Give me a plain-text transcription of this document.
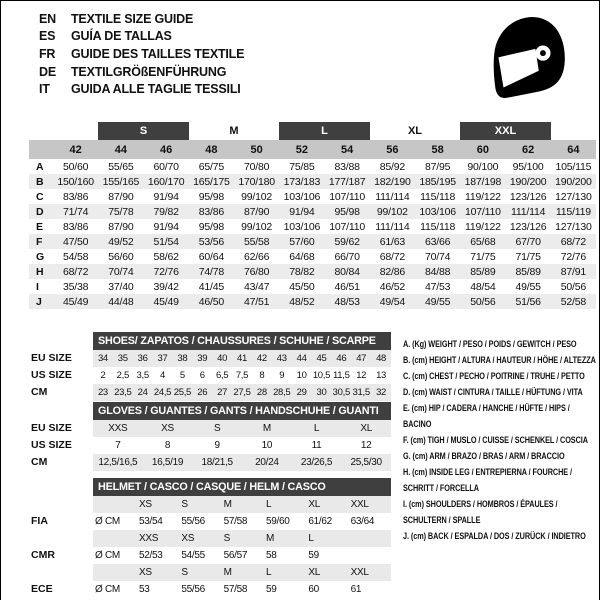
EN	TEXTILE SIZE GUIDE
ES	GUÍA DE TALLAS
FR	GUIDE DES TAILLES TEXTILE
DE	TEXTILGRÖßENFÜHRUNG
IT	GUIDA ALLE TAGLIE TESSILI
S	M	L	XL	XXL
42	44	46	48	50	52	54	56	58	60	62	64
A	50/60	55/65	60/70	65/75	70/80	75/85	83/88	85/92	87/95	90/100	95/100	105/115
B	150/160 155/165 160/170 165/175 170/180 173/183 177/187 182/190 185/195 187/198 190/200 190/200
C	83/86	87/90	91/94	95/98	99/102	103/106 107/110 111/114	115/118 119/122 123/126 127/130
D	71/74	75/78	79/82	83/86	87/90	91/94	95/98	99/102	103/106 107/110 111/114	115/119
E	83/86	87/90	91/94	95/98	99/102	103/106 107/110 111/114	115/118 119/122 123/126 127/130
F	47/50	49/52	51/54	53/56	55/58	57/60	59/62	61/63	63/66	65/68	67/70	68/72
G	54/58	56/60	58/62	60/64	62/66	64/68	66/70	68/72	70/74	71/75	71/75	72/76
H	68/72	70/74	72/76	74/78	76/80	78/82	80/84	82/86	84/88	85/89	85/89	87/91
I	35/38	37/40	39/42	41/45	43/47	45/50	46/51	46/52	47/53	48/54	49/55	50/56
J	45/49	44/48	45/49	46/50	47/51	48/52	48/53	49/54	49/55	50/56	51/56	52/58
SHOES/ ZAPATOS / CHAUSSURES / SCHUHE / SCARPE
EU SIZE	34	35	36	37	38	39	40	41	42	43	44	45	46	47	48
US SIZE	2	2,5 3,5	4	5	6	6,5 7,5	8	9	10 10,5 11,5 12	13
CM	23 23,5 24 24,5 25,5 26	27 27,5 28 28,5 29	30 30,5 31,5 32
GLOVES / GUANTES / GANTS / HANDSCHUHE / GUANTI
EU SIZE	XXS	XS	S	M	L	XL
US SIZE	7	8	9	10	11	12
CM	12,5/16,5	16,5/19	18/21,5	20/24	23/26,5	25,5/30
HELMET / CASCO / CASQUE / HELM / CASCO
XS	S	M	L	XL	XXL
FIA	Ø CM	53/54	55/56	57/58	59/60	61/62	63/64
XXS	XS	S	M	L
CMR	Ø CM	52/53	54/55	56/57	58	59
XS	S	M	L	XL	XXL
ECE	Ø CM	53	55/56	57/58	59	60	61
A. (Kg) WEIGHT / PESO / POIDS / GEWITCH / PESO
B. (cm) HEIGHT / ALTURA / HAUTEUR / HÖHE / ALTEZZA
C. (cm) CHEST / PECHO / POITRINE / TRUHE / PETTO
D. (cm) WAIST / CINTURA / TAILLE / HÜFTUNG / VITA
E. (cm) HIP / CADERA / HANCHE / HÜFTE / HIPS / BACINO
F. (cm) TIGH / MUSLO / CUISSE / SCHENKEL / COSCIA
G. (cm) ARM / BRAZO / BRAS / ARM / BRACCIO
H. (cm) INSIDE LEG / ENTREPIERNA / FOURCHE / SCHRITT / FORCELLA
I. (cm) SHOULDERS / HOMBROS / ÉPAULES / SCHULTERN / SPALLE
J. (cm) BACK / ESPALDA / DOS / ZURÜCK / INDIETRO
